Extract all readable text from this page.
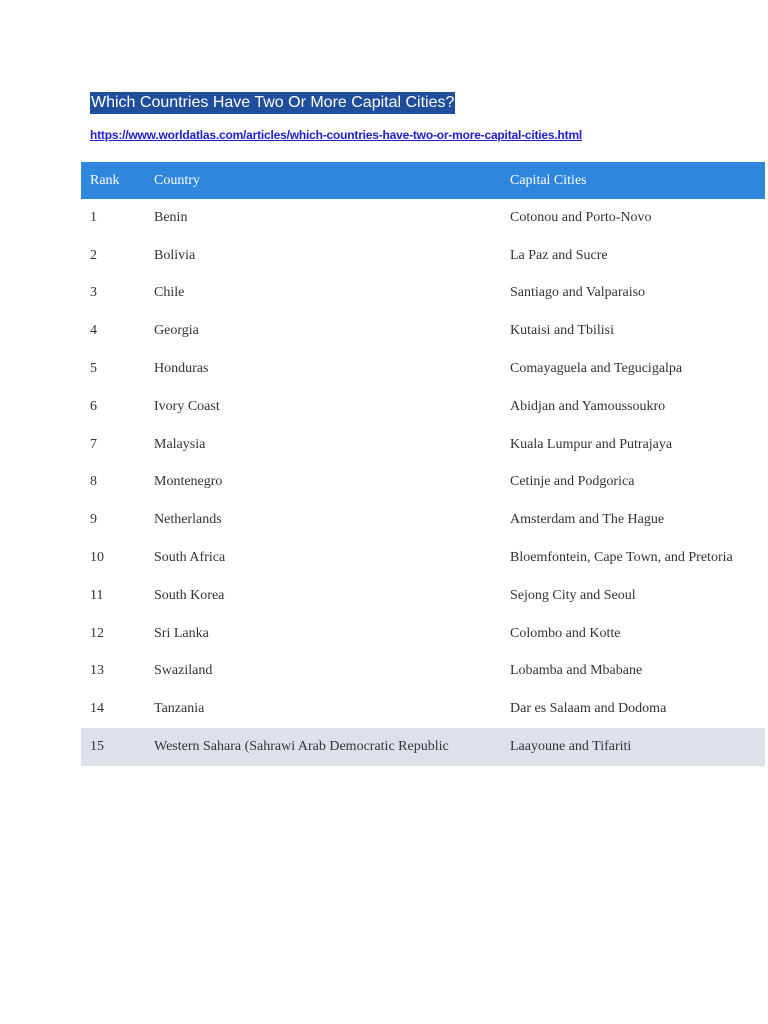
Which Countries Have Two Or More Capital Cities?
https://www.worldatlas.com/articles/which-countries-have-two-or-more-capital-cities.html
Rank	Country	Capital Cities
1	Benin	Cotonou and Porto-Novo
2	Bolivia	La Paz and Sucre
3	Chile	Santiago and Valparaiso
4	Georgia	Kutaisi and Tbilisi
5	Honduras	Comayaguela and Tegucigalpa
6	Ivory Coast	Abidjan and Yamoussoukro
7	Malaysia	Kuala Lumpur and Putrajaya
8	Montenegro	Cetinje and Podgorica
9	Netherlands	Amsterdam and The Hague
10	South Africa	Bloemfontein, Cape Town, and Pretoria
11	South Korea	Sejong City and Seoul
12	Sri Lanka	Colombo and Kotte
13	Swaziland	Lobamba and Mbabane
14	Tanzania	Dar es Salaam and Dodoma
15	Western Sahara (Sahrawi Arab Democratic Republic	Laayoune and Tifariti
